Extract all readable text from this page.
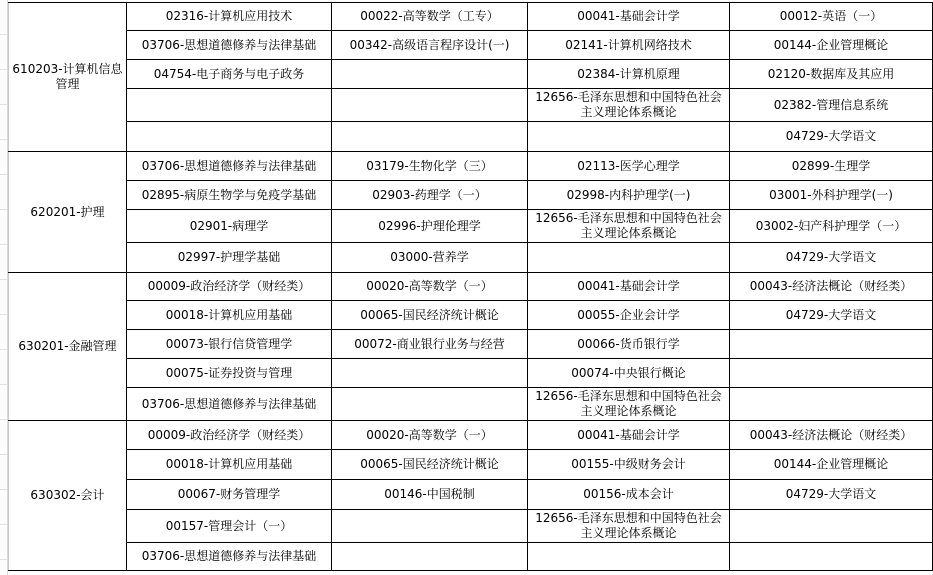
610203-计算机信息管理	02316-计算机应用技术	00022-高等数学（工专）	00041-基础会计学	00012-英语（一）
	03706-思想道德修养与法律基础	00342-高级语言程序设计(一)	02141-计算机网络技术	00144-企业管理概论
	04754-电子商务与电子政务		02384-计算机原理	02120-数据库及其应用
			12656-毛泽东思想和中国特色社会主义理论体系概论	02382-管理信息系统
				04729-大学语文
620201-护理	03706-思想道德修养与法律基础	03179-生物化学（三）	02113-医学心理学	02899-生理学
	02895-病原生物学与免疫学基础	02903-药理学（一）	02998-内科护理学(一)	03001-外科护理学(一)
	02901-病理学	02996-护理伦理学	12656-毛泽东思想和中国特色社会主义理论体系概论	03002-妇产科护理学（一）
	02997-护理学基础	03000-营养学		04729-大学语文
630201-金融管理	00009-政治经济学（财经类）	00020-高等数学（一）	00041-基础会计学	00043-经济法概论（财经类）
	00018-计算机应用基础	00065-国民经济统计概论	00055-企业会计学	04729-大学语文
	00073-银行信贷管理学	00072-商业银行业务与经营	00066-货币银行学	
	00075-证券投资与管理		00074-中央银行概论	
	03706-思想道德修养与法律基础		12656-毛泽东思想和中国特色社会主义理论体系概论	
630302-会计	00009-政治经济学（财经类）	00020-高等数学（一）	00041-基础会计学	00043-经济法概论（财经类）
	00018-计算机应用基础	00065-国民经济统计概论	00155-中级财务会计	00144-企业管理概论
	00067-财务管理学	00146-中国税制	00156-成本会计	04729-大学语文
	00157-管理会计（一）		12656-毛泽东思想和中国特色社会主义理论体系概论	
	03706-思想道德修养与法律基础			
